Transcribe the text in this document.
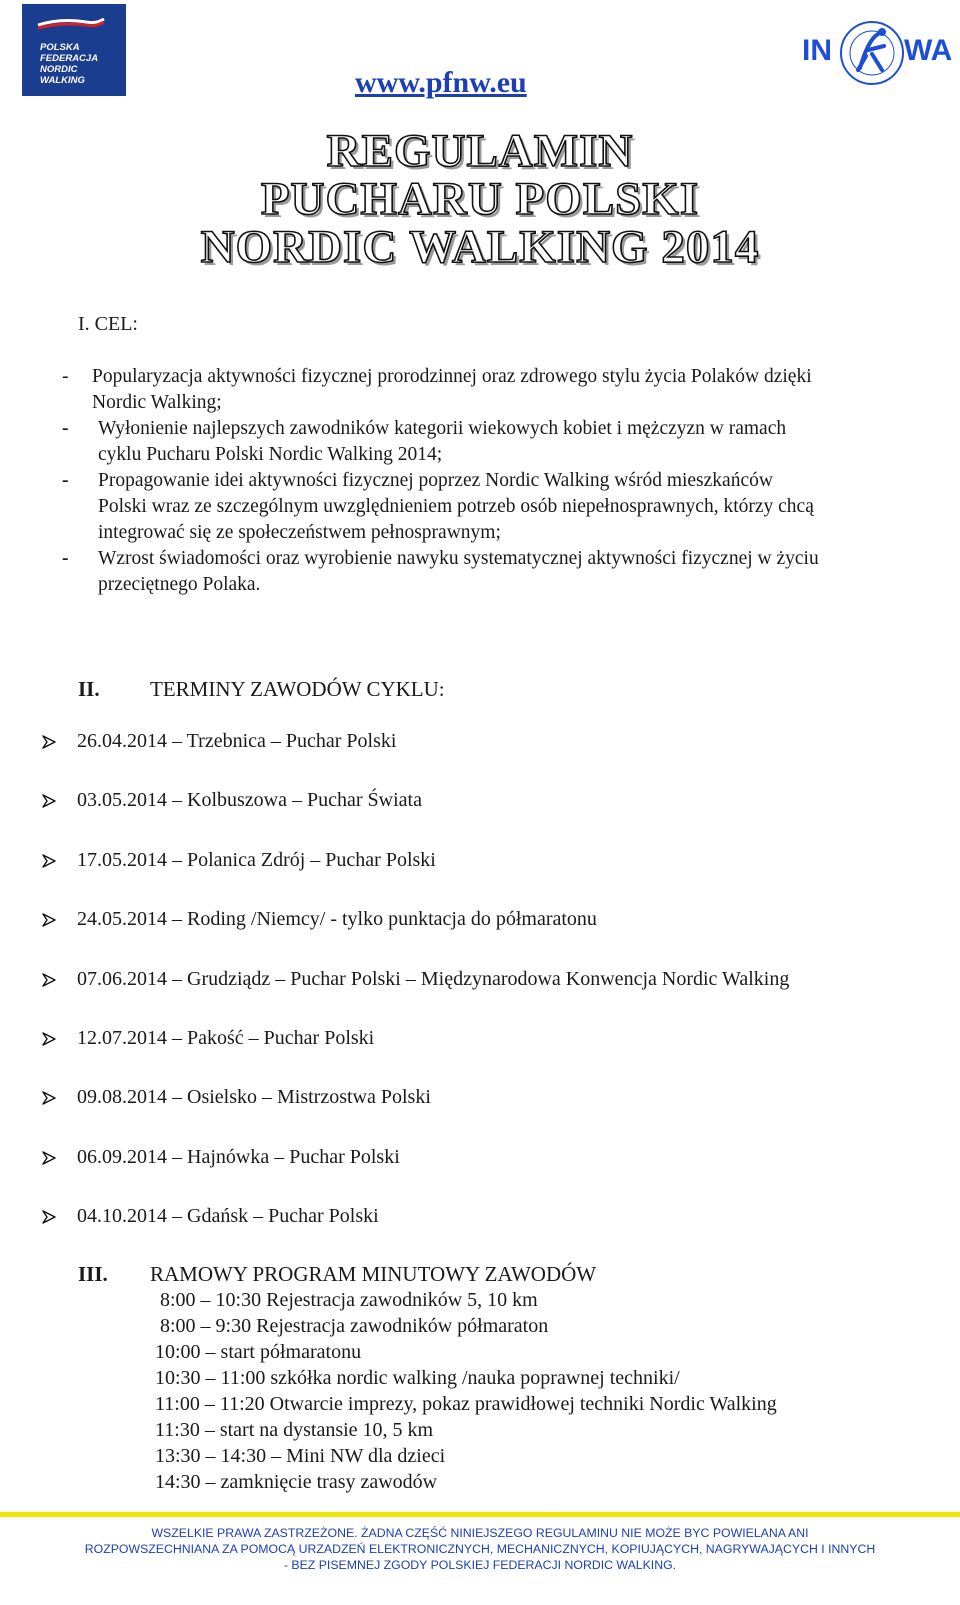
POLSKA
FEDERACJA
NORDIC
WALKING	www.pfnw.eu
IN WA
REGULAMIN
PUCHARU POLSKI
NORDIC WALKING 2014
I. CEL:
-	Popularyzacja aktywności fizycznej prorodzinnej oraz zdrowego stylu życia Polaków dzięki
Nordic Walking;
-	Wyłonienie najlepszych zawodników kategorii wiekowych kobiet i mężczyzn w ramach
cyklu Pucharu Polski Nordic Walking 2014;
-	Propagowanie idei aktywności fizycznej poprzez Nordic Walking wśród mieszkańców
Polski wraz ze szczególnym uwzględnieniem potrzeb osób niepełnosprawnych, którzy chcą
integrować się ze społeczeństwem pełnosprawnym;
-	Wzrost świadomości oraz wyrobienie nawyku systematycznej aktywności fizycznej w życiu
przeciętnego Polaka.
II. TERMINY ZAWODÓW CYKLU:
26.04.2014 – Trzebnica – Puchar Polski
03.05.2014 – Kolbuszowa – Puchar Świata
17.05.2014 – Polanica Zdrój – Puchar Polski
24.05.2014 – Roding /Niemcy/ - tylko punktacja do półmaratonu
07.06.2014 – Grudziądz – Puchar Polski – Międzynarodowa Konwencja Nordic Walking
12.07.2014 – Pakość – Puchar Polski
09.08.2014 – Osielsko – Mistrzostwa Polski
06.09.2014 – Hajnówka – Puchar Polski
04.10.2014 – Gdańsk – Puchar Polski
III. RAMOWY PROGRAM MINUTOWY ZAWODÓW
8:00 – 10:30 Rejestracja zawodników 5, 10 km
8:00 – 9:30 Rejestracja zawodników półmaraton
10:00 – start półmaratonu
10:30 – 11:00 szkółka nordic walking /nauka poprawnej techniki/
11:00 – 11:20 Otwarcie imprezy, pokaz prawidłowej techniki Nordic Walking
11:30 – start na dystansie 10, 5 km
13:30 – 14:30 – Mini NW dla dzieci
14:30 – zamknięcie trasy zawodów
WSZELKIE PRAWA ZASTRZEŻONE. ŻADNA CZĘŚĆ NINIEJSZEGO REGULAMINU NIE MOŻE BYC POWIELANA ANI
ROZPOWSZECHNIANA ZA POMOCĄ URZADZEŃ ELEKTRONICZNYCH, MECHANICZNYCH, KOPIUJĄCYCH, NAGRYWAJĄCYCH I INNYCH
- BEZ PISEMNEJ ZGODY POLSKIEJ FEDERACJI NORDIC WALKING.
